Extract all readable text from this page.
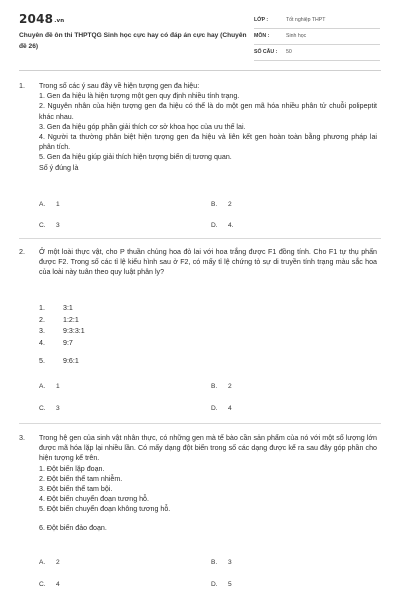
2048.vn
Chuyên đề ôn thi THPTQG Sinh học cực hay có đáp án cực hay (Chuyên đề 26)
LỚP :	Tốt nghiệp THPT
MÔN :	Sinh học
SỐ CÂU : 50
1. Trong số các ý sau đây về hiện tượng gen đa hiệu:
1. Gen đa hiệu là hiện tượng một gen quy định nhiều tính trạng.
2. Nguyên nhân của hiện tượng gen đa hiệu có thể là do một gen mã hóa nhiều phân tử chuỗi polipeptit khác nhau.
3. Gen đa hiệu góp phần giải thích cơ sở khoa học của ưu thế lai.
4. Người ta thường phân biệt hiện tượng gen đa hiệu và liên kết gen hoàn toàn bằng phương pháp lai phân tích.
5. Gen đa hiệu giúp giải thích hiện tượng biến dị tương quan.
Số ý đúng là
A. 1	B. 2
C. 3	D. 4.
2. Ở một loài thực vật, cho P thuần chủng hoa đỏ lai với hoa trắng được F1 đồng tính. Cho F1 tự thụ phấn được F2. Trong số các tỉ lệ kiểu hình sau ở F2, có mấy tỉ lệ chứng tỏ sự di truyền tính trạng màu sắc hoa của loài này tuân theo quy luật phân ly?
1.	3:1
2.	1:2:1
3.	9:3:3:1
4.	9:7
5.	9:6:1
A. 1	B. 2
C. 3	D. 4
3. Trong hệ gen của sinh vật nhân thực, có những gen mà tế bào cần sản phẩm của nó với một số lượng lớn được mã hóa lặp lại nhiều lần. Có mấy dạng đột biến trong số các dạng được kể ra sau đây góp phần cho hiện tượng kể trên.
1. Đột biến lặp đoạn.
2. Đột biến thể tam nhiễm.
3. Đột biến thể tam bội.
4. Đột biến chuyển đoạn tương hỗ.
5. Đột biến chuyển đoạn không tương hỗ.
6. Đột biến đảo đoạn.
A. 2	B. 3
C. 4	D. 5
